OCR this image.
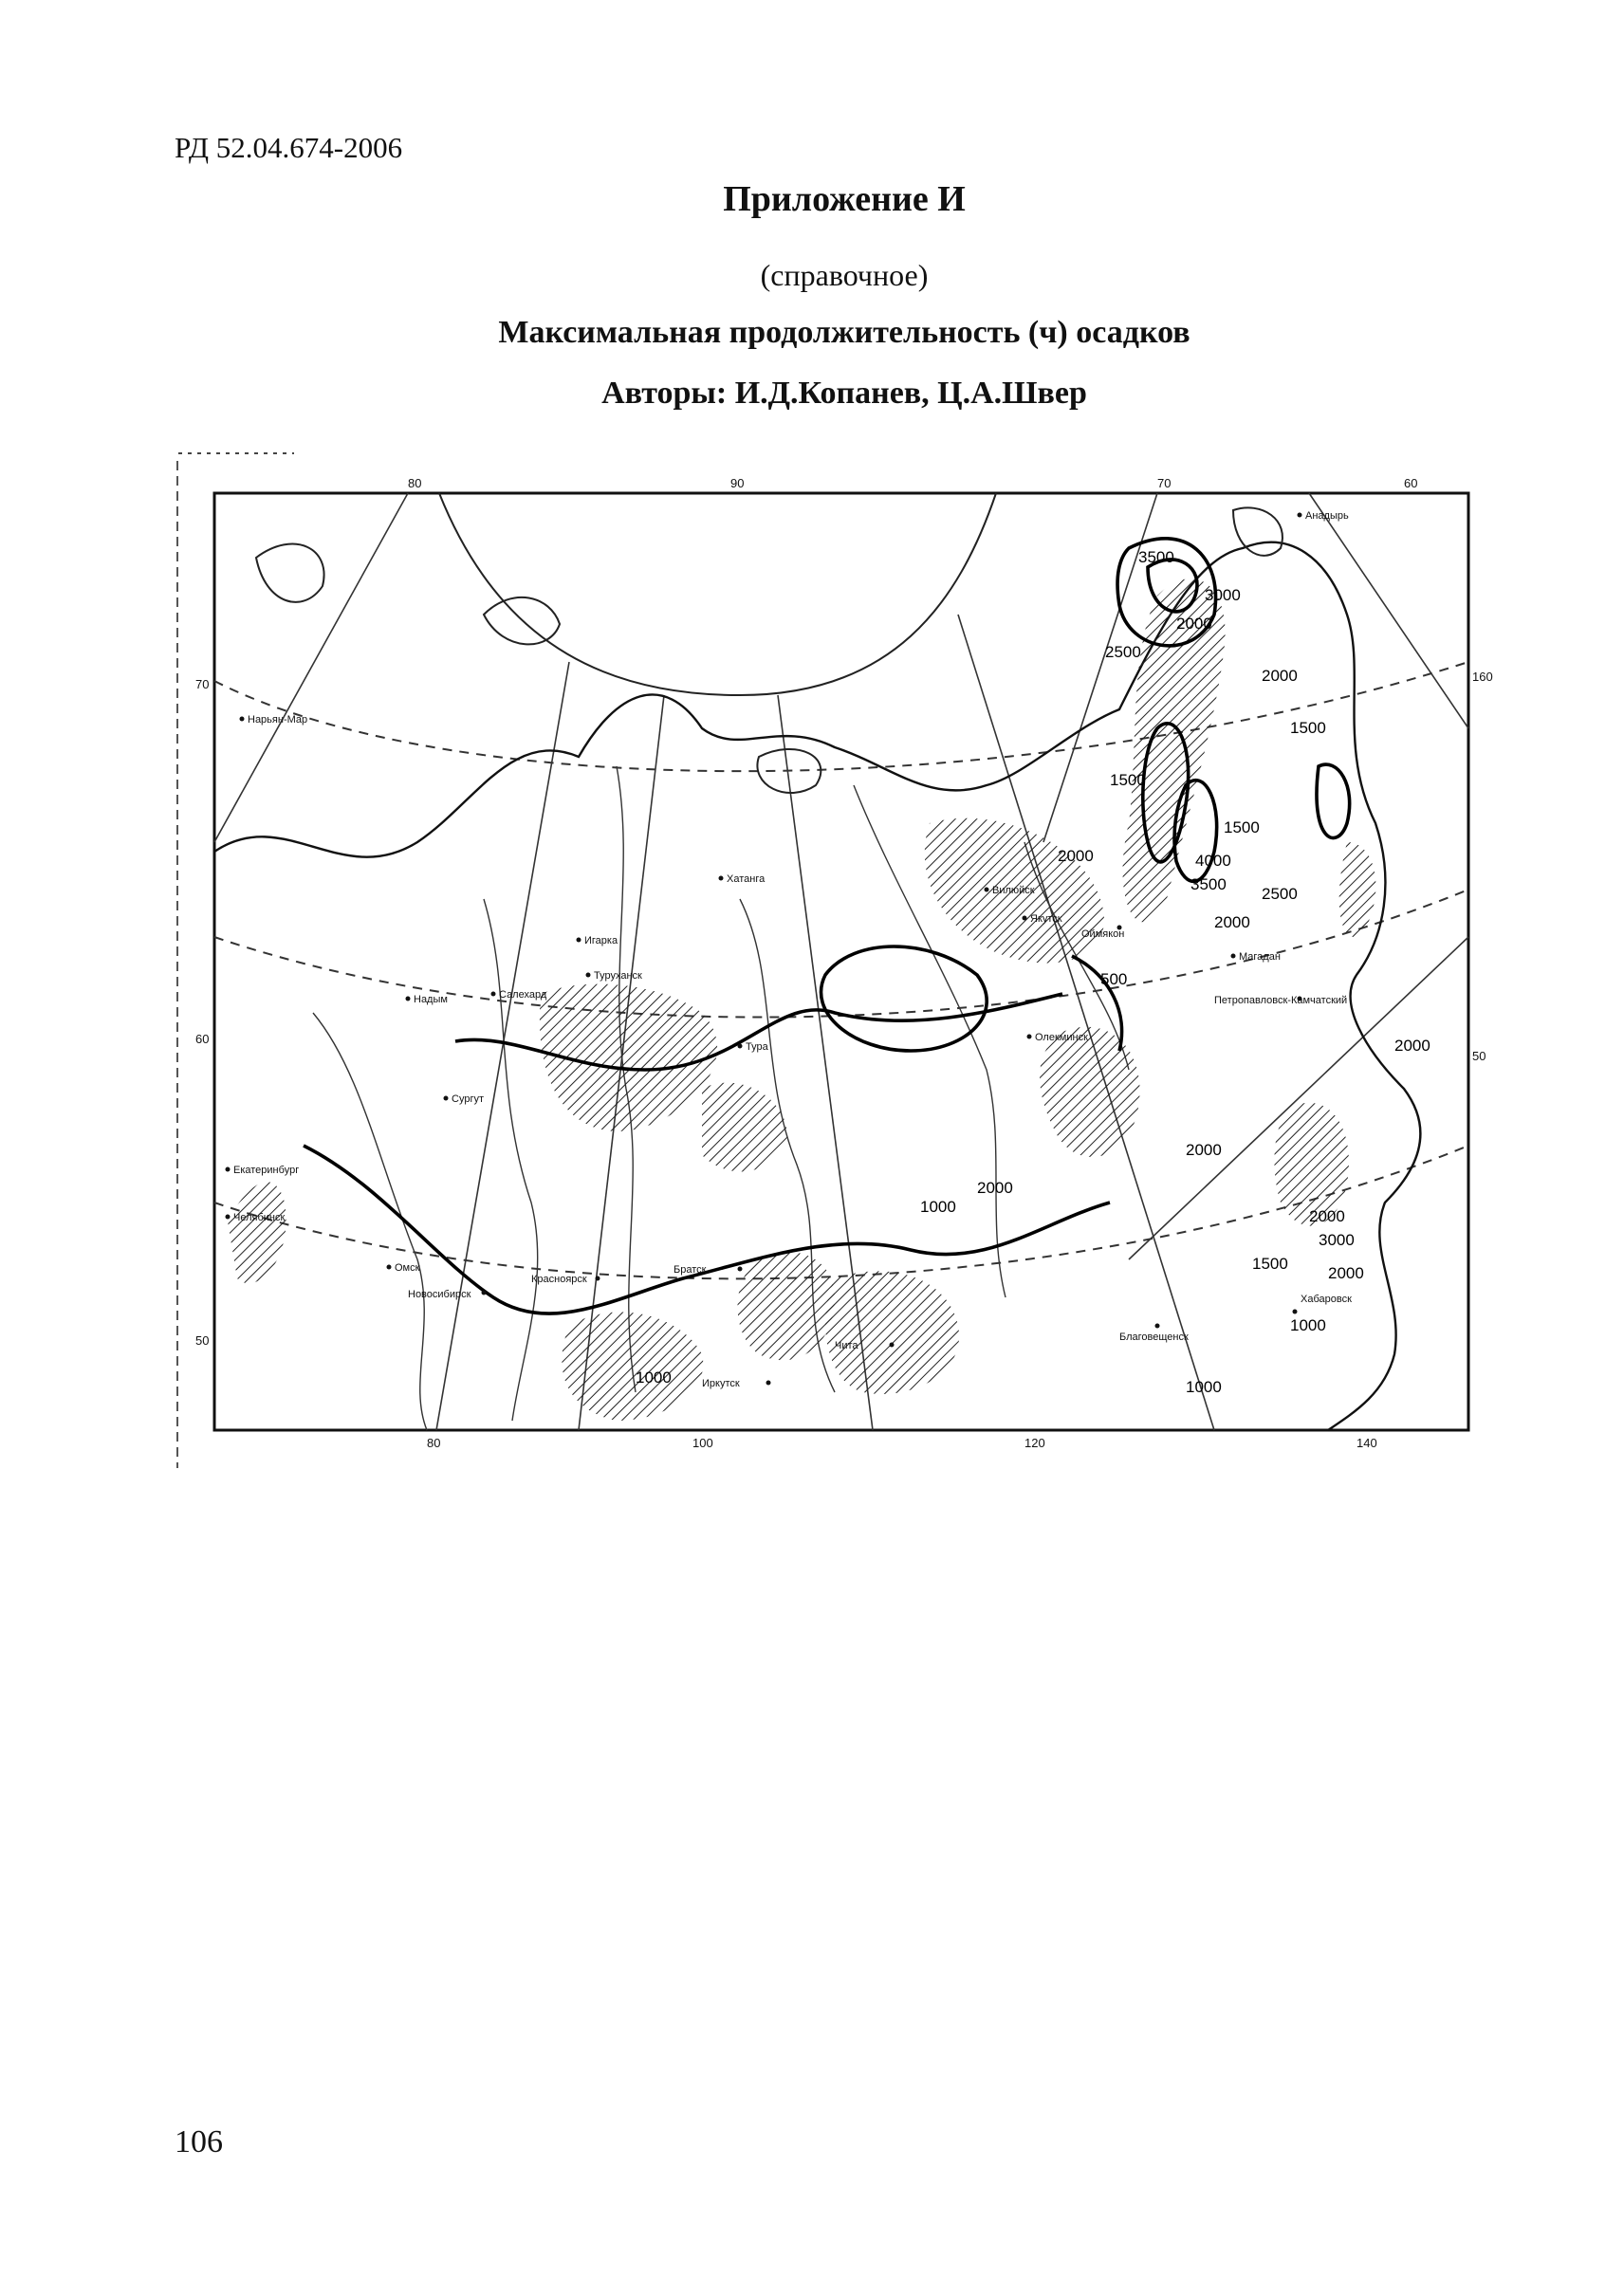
РД 52.04.674-2006
Приложение И
(справочное)
Максимальная продолжительность (ч) осадков
Авторы: И.Д.Копанев, Ц.А.Швер
80	90	70	60
80	100	120	140
70
60
50
160
50
3500
3000
2000
2500
2000
1500
1500
2000
1500
4000
3500
2500
2000
500
2000
2000
1000
2000
2000
3000
2000
1500
1000
1000
1000
Хатанга
Игарка
Вилюйск
Якутск
Оймякон
Магадан
Петропавловск-Камчатский
Тура
Олекминск
Туруханск
Сургут
Салехард
Надым
Екатеринбург
Челябинск
Омск
Новосибирск
Красноярск
Братск
Иркутск
Чита
Хабаровск
Благовещенск
Анадырь
Нарьян-Мар
106
